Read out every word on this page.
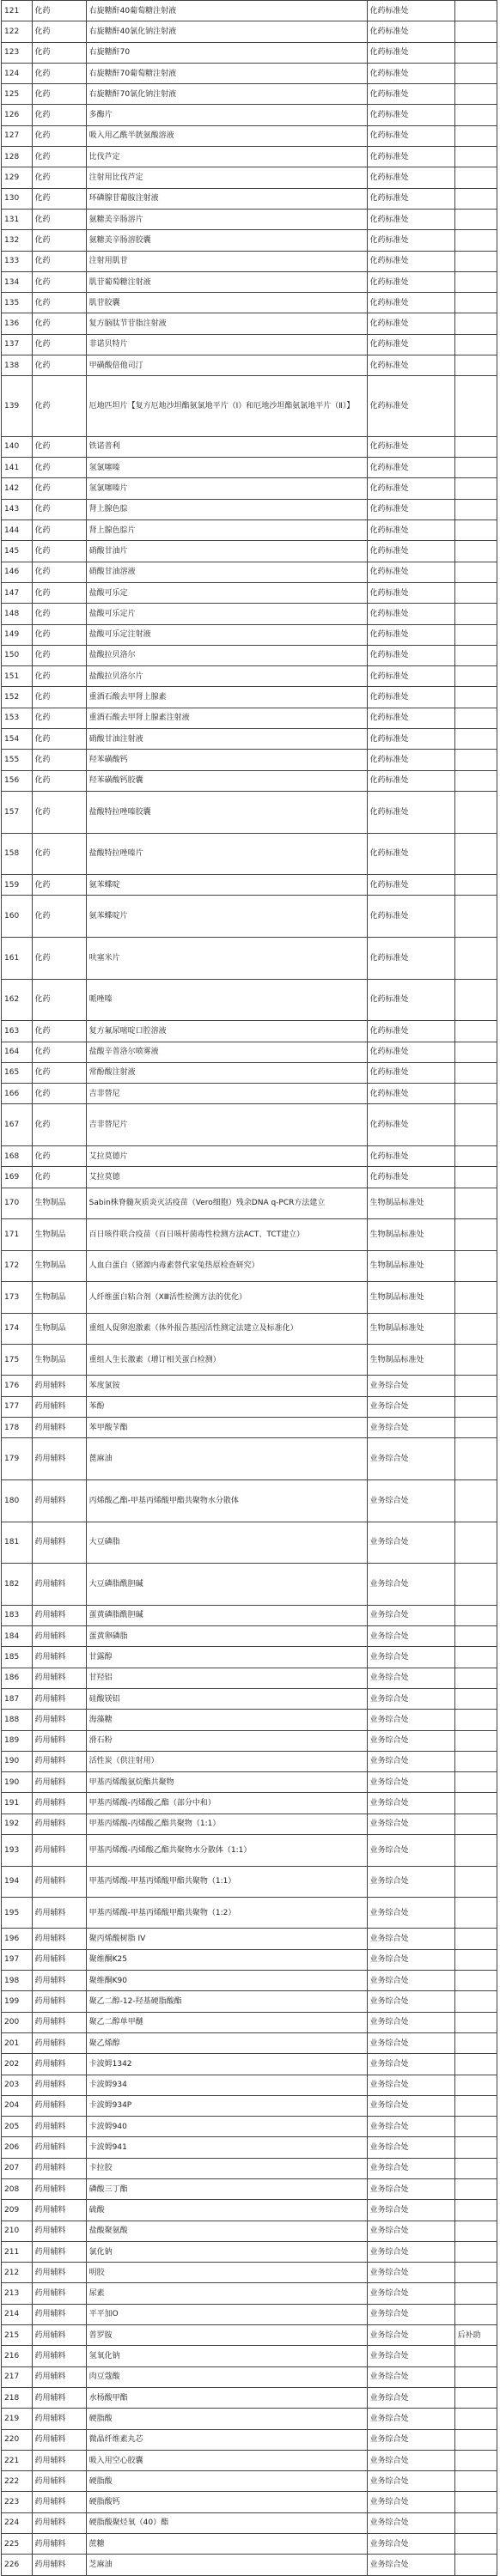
121	化药	右旋糖酐40葡萄糖注射液	化药标准处	
122	化药	右旋糖酐40氯化钠注射液	化药标准处	
123	化药	右旋糖酐70	化药标准处	
124	化药	右旋糖酐70葡萄糖注射液	化药标准处	
125	化药	右旋糖酐70氯化钠注射液	化药标准处	
126	化药	多酶片	化药标准处	
127	化药	吸入用乙酰半胱氨酸溶液	化药标准处	
128	化药	比伐芦定	化药标准处	
129	化药	注射用比伐芦定	化药标准处	
130	化药	环磷腺苷葡胺注射液	化药标准处	
131	化药	氨糖美辛肠溶片	化药标准处	
132	化药	氨糖美辛肠溶胶囊	化药标准处	
133	化药	注射用肌苷	化药标准处	
134	化药	肌苷葡萄糖注射液	化药标准处	
135	化药	肌苷胶囊	化药标准处	
136	化药	复方脑肽节苷脂注射液	化药标准处	
137	化药	非诺贝特片	化药标准处	
138	化药	甲磺酸倍他司汀	化药标准处	
139	化药	厄地匹坦片【复方厄地沙坦酯氨氯地平片（Ⅰ）和厄地沙坦酯氨氯地平片（Ⅱ）】	化药标准处	
140	化药	铁诺普利	化药标准处	
141	化药	氢氯噻嗪	化药标准处	
142	化药	氢氯噻嗪片	化药标准处	
143	化药	肾上腺色腙	化药标准处	
144	化药	肾上腺色腙片	化药标准处	
145	化药	硝酸甘油片	化药标准处	
146	化药	硝酸甘油溶液	化药标准处	
147	化药	盐酸可乐定	化药标准处	
148	化药	盐酸可乐定片	化药标准处	
149	化药	盐酸可乐定注射液	化药标准处	
150	化药	盐酸拉贝洛尔	化药标准处	
151	化药	盐酸拉贝洛尔片	化药标准处	
152	化药	重酒石酸去甲肾上腺素	化药标准处	
153	化药	重酒石酸去甲肾上腺素注射液	化药标准处	
154	化药	硝酸甘油注射液	化药标准处	
155	化药	羟苯磺酸钙	化药标准处	
156	化药	羟苯磺酸钙胶囊	化药标准处	
157	化药	盐酸特拉唑嗪胶囊	化药标准处	
158	化药	盐酸特拉唑嗪片	化药标准处	
159	化药	氨苯蝶啶	化药标准处	
160	化药	氨苯蝶啶片	化药标准处	
161	化药	呋塞米片	化药标准处	
162	化药	哌唑嗪	化药标准处	
163	化药	复方氟尿嘧啶口腔溶液	化药标准处	
164	化药	盐酸辛普洛尔喷雾液	化药标准处	
165	化药	常酚酸注射液	化药标准处	
166	化药	吉非替尼	化药标准处	
167	化药	吉非替尼片	化药标准处	
168	化药	艾拉莫德片	化药标准处	
169	化药	艾拉莫德	化药标准处	
170	生物制品	Sabin株脊髓灰质炎灭活疫苗（Vero细胞）残余DNA q-PCR方法建立	生物制品标准处	
171	生物制品	百日咳件联合疫苗（百日咳杆菌毒性检测方法ACT、TCT建立）	生物制品标准处	
172	生物制品	人血白蛋白（猪源内毒素替代家兔热原检查研究）	生物制品标准处	
173	生物制品	人纤维蛋白粘合剂（ⅩⅢ活性检测方法的优化）	生物制品标准处	
174	生物制品	重组人促卵泡激素（体外报告基因活性测定法建立及标准化）	生物制品标准处	
175	生物制品	重组人生长激素（增订相关蛋白检测）	生物制品标准处	
176	药用辅料	苯度氯铵	业务综合处	
177	药用辅料	苯酚	业务综合处	
178	药用辅料	苯甲酸苄酯	业务综合处	
179	药用辅料	蓖麻油	业务综合处	
180	药用辅料	丙烯酸乙酯-甲基丙烯酸甲酯共聚物水分散体	业务综合处	
181	药用辅料	大豆磷脂	业务综合处	
182	药用辅料	大豆磷脂酰胆碱	业务综合处	
183	药用辅料	蛋黄磷脂酰胆碱	业务综合处	
184	药用辅料	蛋黄卵磷脂	业务综合处	
185	药用辅料	甘露醇	业务综合处	
186	药用辅料	甘羟铝	业务综合处	
187	药用辅料	硅酸镁铝	业务综合处	
188	药用辅料	海藻糖	业务综合处	
189	药用辅料	滑石粉	业务综合处	
190	药用辅料	活性炭（供注射用）	业务综合处	
190	药用辅料	甲基丙烯酸氨烷酯共聚物	业务综合处	
191	药用辅料	甲基丙烯酸-丙烯酸乙酯（部分中和）	业务综合处	
192	药用辅料	甲基丙烯酸-丙烯酸乙酯共聚物（1:1）	业务综合处	
193	药用辅料	甲基丙烯酸-丙烯酸乙酯共聚物水分散体（1:1）	业务综合处	
194	药用辅料	甲基丙烯酸-甲基丙烯酸甲酯共聚物（1:1）	业务综合处	
195	药用辅料	甲基丙烯酸-甲基丙烯酸甲酯共聚物（1:2）	业务综合处	
196	药用辅料	聚丙烯酸树脂 IV	业务综合处	
197	药用辅料	聚维酮K25	业务综合处	
198	药用辅料	聚维酮K90	业务综合处	
199	药用辅料	聚乙二醇-12-羟基硬脂酸酯	业务综合处	
200	药用辅料	聚乙二醇单甲醚	业务综合处	
201	药用辅料	聚乙烯醇	业务综合处	
202	药用辅料	卡波姆1342	业务综合处	
203	药用辅料	卡波姆934	业务综合处	
204	药用辅料	卡波姆934P	业务综合处	
205	药用辅料	卡波姆940	业务综合处	
206	药用辅料	卡波姆941	业务综合处	
207	药用辅料	卡拉胶	业务综合处	
208	药用辅料	磷酸三丁酯	业务综合处	
209	药用辅料	硫酸	业务综合处	
210	药用辅料	盐酸聚氨酸	业务综合处	
211	药用辅料	氯化钠	业务综合处	
212	药用辅料	明胶	业务综合处	
213	药用辅料	尿素	业务综合处	
214	药用辅料	平平加O	业务综合处	
215	药用辅料	普罗胺	业务综合处	后补助
216	药用辅料	氢氧化钠	业务综合处	
217	药用辅料	肉豆蔻酸	业务综合处	
218	药用辅料	水杨酸甲酯	业务综合处	
219	药用辅料	硬脂酸	业务综合处	
220	药用辅料	微晶纤维素丸芯	业务综合处	
221	药用辅料	吸入用空心胶囊	业务综合处	
222	药用辅料	硬脂酸	业务综合处	
223	药用辅料	硬脂酸钙	业务综合处	
224	药用辅料	硬脂酸聚烃氧（40）酯	业务综合处	
225	药用辅料	蔗糖	业务综合处	
226	药用辅料	芝麻油	业务综合处	
